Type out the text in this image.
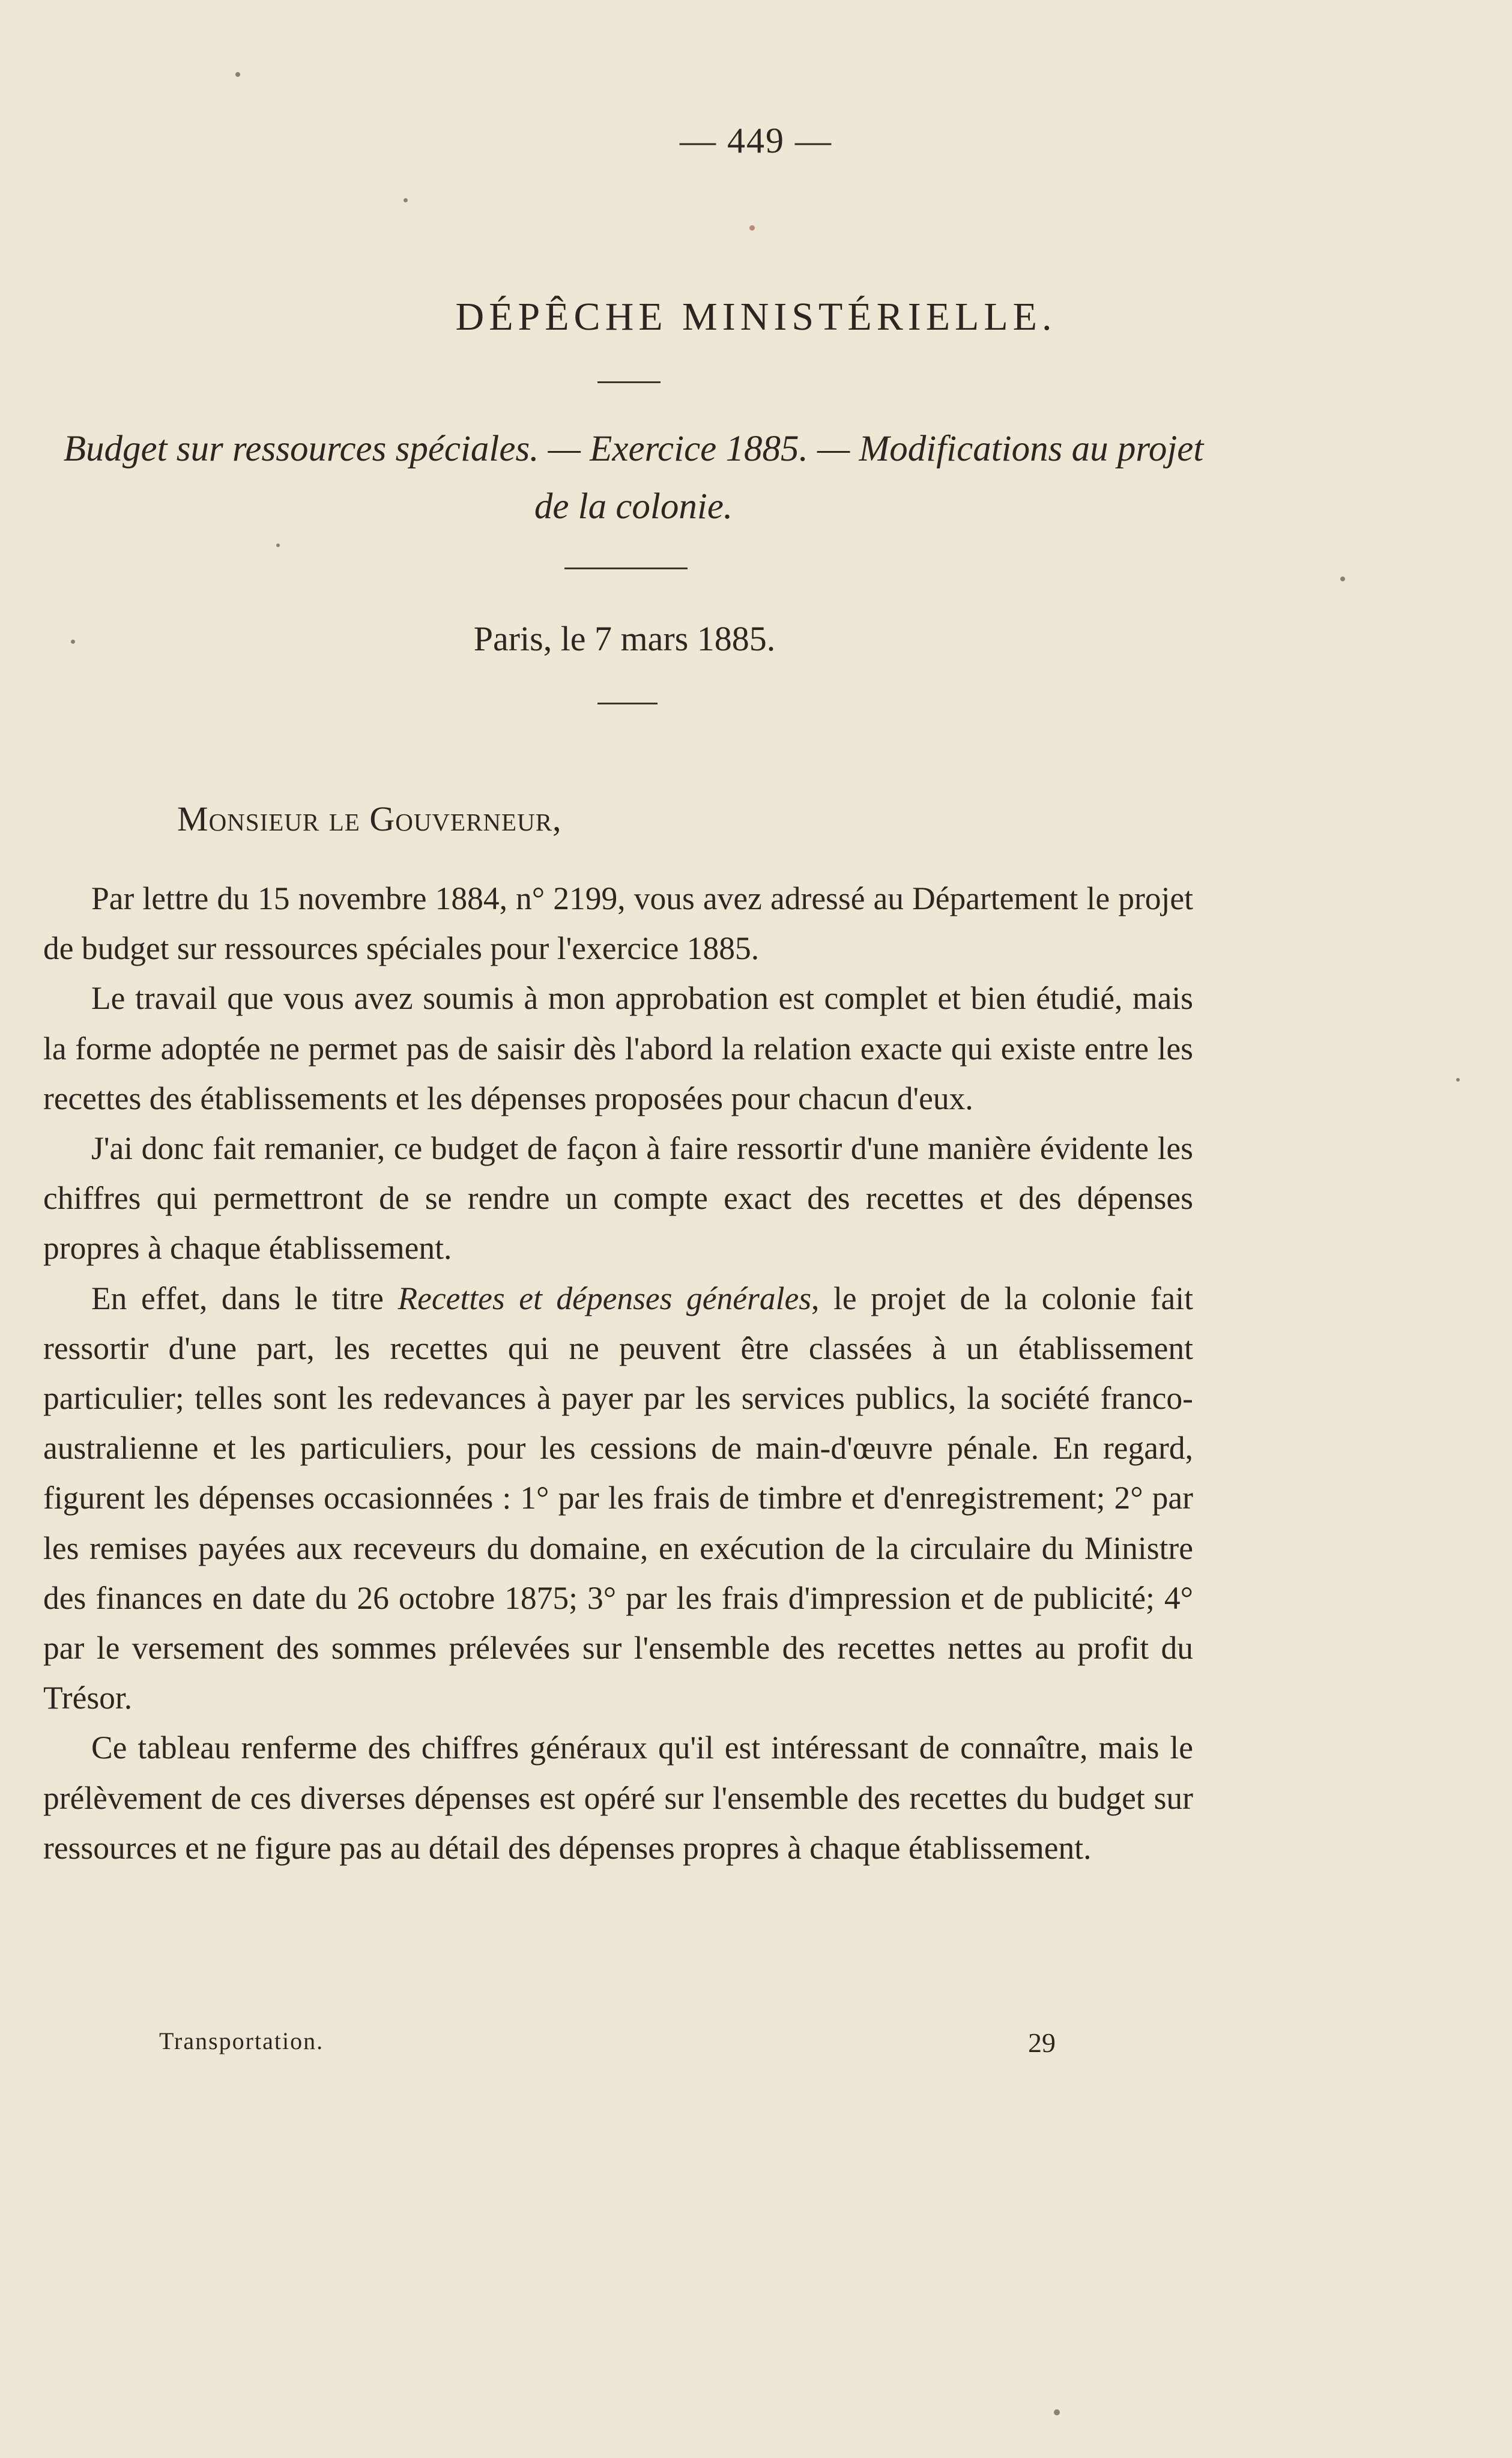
— 449 —
DÉPÊCHE MINISTÉRIELLE.
Budget sur ressources spéciales. — Exercice 1885. — Modifications au projet de la colonie.
Paris, le 7 mars 1885.
Monsieur le Gouverneur,

Par lettre du 15 novembre 1884, n° 2199, vous avez adressé au Département le projet de budget sur ressources spéciales pour l'exercice 1885.

Le travail que vous avez soumis à mon approbation est complet et bien étudié, mais la forme adoptée ne permet pas de saisir dès l'abord la relation exacte qui existe entre les recettes des établissements et les dépenses proposées pour chacun d'eux.

J'ai donc fait remanier, ce budget de façon à faire ressortir d'une manière évidente les chiffres qui permettront de se rendre un compte exact des recettes et des dépenses propres à chaque établissement.

En effet, dans le titre Recettes et dépenses générales, le projet de la colonie fait ressortir d'une part, les recettes qui ne peuvent être classées à un établissement particulier; telles sont les redevances à payer par les services publics, la société franco-australienne et les particuliers, pour les cessions de main-d'œuvre pénale. En regard, figurent les dépenses occasionnées : 1° par les frais de timbre et d'enregistrement; 2° par les remises payées aux receveurs du domaine, en exécution de la circulaire du Ministre des finances en date du 26 octobre 1875; 3° par les frais d'impression et de publicité; 4° par le versement des sommes prélevées sur l'ensemble des recettes nettes au profit du Trésor.

Ce tableau renferme des chiffres généraux qu'il est intéressant de connaître, mais le prélèvement de ces diverses dépenses est opéré sur l'ensemble des recettes du budget sur ressources et ne figure pas au détail des dépenses propres à chaque établissement.

Transportation.	29
